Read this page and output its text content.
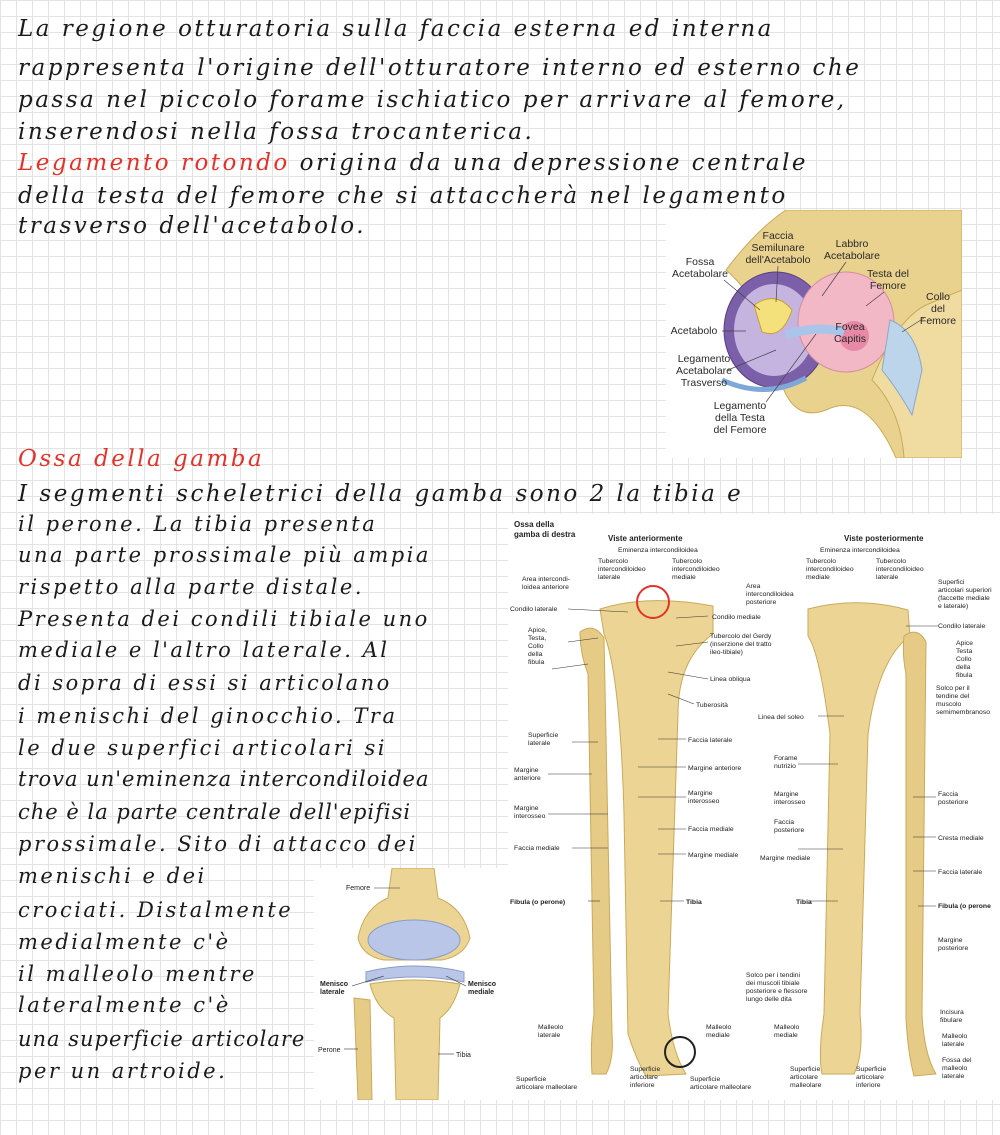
La regione otturatoria sulla faccia esterna ed interna

rappresenta l'origine dell'otturatore interno ed esterno che

passa nel piccolo forame ischiatico per arrivare al femore,

inserendosi nella fossa trocanterica.

Legamento rotondo origina da una depressione centrale

della testa del femore che si attaccherà nel legamento

trasverso dell'acetabolo.

Ossa della gamba

I segmenti scheletrici della gamba sono 2 la tibia e

il perone. La tibia presenta

una parte prossimale più ampia

rispetto alla parte distale.

Presenta dei condili tibiale uno

mediale e l'altro laterale. Al

di sopra di essi si articolano

i menischi del ginocchio. Tra

le due superfici articolari si

trova un'eminenza intercondiloidea

che è la parte centrale dell'epifisi

prossimale. Sito di attacco dei

menischi e dei

crociati. Distalmente

medialmente c'è

il malleolo mentre

lateralmente c'è

una superficie articolare

per un artroide.

Faccia
Semilunare
dell'Acetabolo
Labbro
Acetabolare
Fossa
Acetabolare	Testa del
Femore
Collo
del
Femore
Fovea
Capitis
Acetabolo
Legamento
Acetabolare
Trasverso
Legamento
della Testa
del Femore
Ossa della
gamba di destra	Viste anteriormente	Viste posteriormente
Eminenza intercondiloidea
Tubercolo
intercondiloideo
laterale
Tubercolo
intercondiloideo
mediale
Area intercondi-
loidea anteriore
Condilo laterale
Condilo mediale
Apice,
Testa,
Collo
della
fibula
Tubercolo del Gerdy
(inserzione del tratto
ileo-tibiale)
Linea obliqua
Tuberosità
Superficie
laterale	Faccia laterale
Margine
anteriore
Margine anteriore
Margine
interosseo
Margine
interosseo
Faccia mediale
Faccia mediale
Margine mediale
Fibula (o perone)	Tibia
Malleolo
laterale
Malleolo
mediale
Superficie
articolare malleolare
Superficie
articolare
inferiore
Superficie
articolare malleolare
Eminenza intercondiloidea
Tubercolo
intercondiloideo
mediale
Tubercolo
intercondiloideo
laterale
Area
intercondiloidea
posteriore
Superfici
articolari superiori
(faccette mediale
e laterale)
Condilo laterale
Apice
Testa
Collo
della
fibula
Solco per il
tendine del
muscolo
semimembranoso
Linea del soleo
Forame
nutrizio
Margine
interosseo
Faccia
posteriore
Faccia
posteriore
Cresta mediale
Margine mediale
Faccia laterale
Tibia
Fibula (o perone
Margine
posteriore
Solco per i tendini
dei muscoli tibiale
posteriore e flessore
lungo delle dita
Incisura
fibulare
Malleolo
mediale	Malleolo
laterale
Fossa del
malleolo
laterale
Superficie
articolare
malleolare
Superficie
articolare
inferiore
Femore
Menisco
laterale
Menisco
mediale
Perone
Tibia
